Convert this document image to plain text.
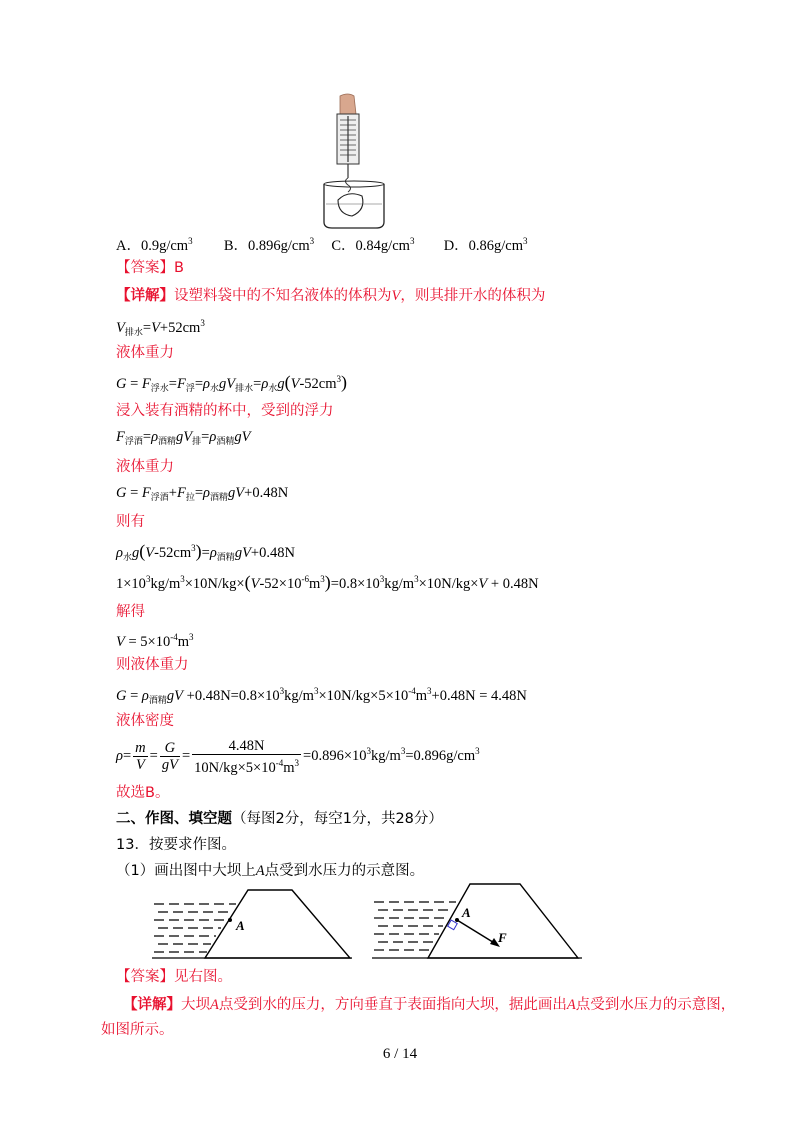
A．$0.9g/cm^3$ B．$0.896g/cm^3$ C．$0.84g/cm^3$ D．$0.86g/cm^3$
【答案】B
【详解】设塑料袋中的不知名液体的体积为V，则其排开水的体积为
$V_{排水}=V+52cm^3$
液体重力
$G = F_{浮水}=F_浮=\rho_水gV_{排水}=\rho_水g(V-52cm^3)$
浸入装有酒精的杯中，受到的浮力
$F_{浮酒}=\rho_{酒精}gV_排=\rho_{酒精}gV$
液体重力
$G = F_{浮酒}+F_拉=\rho_{酒精}gV+0.48N$
则有
$\rho_水g(V-52cm^3)=\rho_{酒精}gV+0.48N$
$1\times 10^3kg/m^3\times 10N/kg\times(V-52\times 10^{-6}m^3)=0.8\times 10^3kg/m^3\times 10N/kg\times V + 0.48N$
解得
$V = 5\times 10^{-4}m^3$
则液体重力
$G = \rho_{酒精}gV +0.48N=0.8\times 10^3kg/m^3\times 10N/kg\times 5\times 10^{-4}m^3+0.48N = 4.48N$
液体密度
$\rho= \frac{m}{V} = \frac{G}{gV} = \frac{4.48N}{10N/kg\times 5\times 10^{-4}m^3} =0.896\times 10^3kg/m^3=0.896g/cm^3$
故选B。
二、作图、填空题（每图2分，每空1分，共28分）
13．按要求作图。
（1）画出图中大坝上A点受到水压力的示意图。
A
A
F
【答案】见右图。
【详解】大坝A点受到水的压力，方向垂直于表面指向大坝，据此画出A点受到水压力的示意图，
如图所示。
6 / 14
